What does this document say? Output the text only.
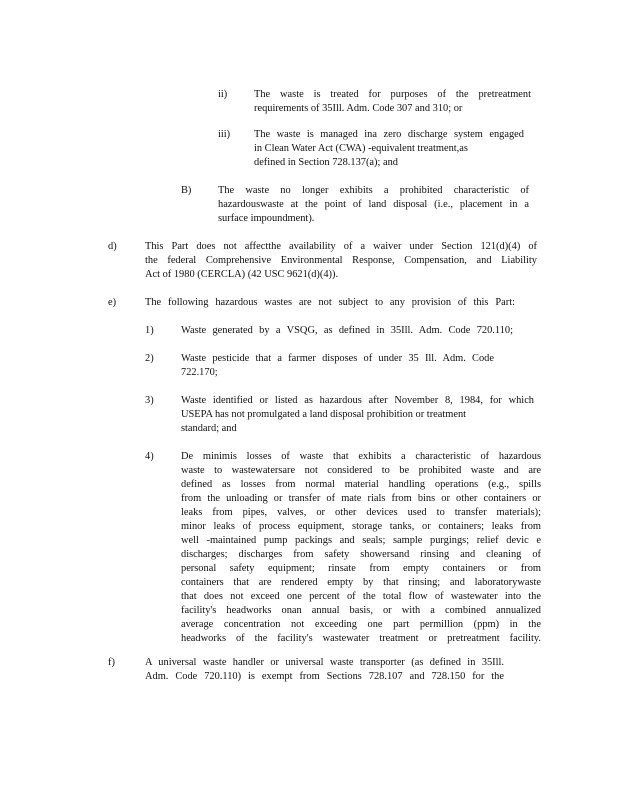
ii)	The waste is treated for purposes of the pretreatment
requirements of 35Ill. Adm. Code 307 and 310; or
iii) The waste is managed ina zero discharge system engaged
in Clean Water Act (CWA) -equivalent treatment,as
defined in Section 728.137(a); and
B)	The waste no longer exhibits a prohibited characteristic of
hazardouswaste at the point of land disposal (i.e., placement in a
surface impoundment).
d)	This Part does not affectthe availability of a waiver under Section 121(d)(4) of
the federal Comprehensive Environmental Response, Compensation, and Liability
Act of 1980 (CERCLA) (42 USC 9621(d)(4)).
e)	The following hazardous wastes are not subject to any provision of this Part:
1)	Waste generated by a VSQG, as defined in 35Ill. Adm. Code 720.110;
2)	Waste pesticide that a farmer disposes of under 35 Ill. Adm. Code
722.170;
3)	Waste identified or listed as hazardous after November 8, 1984, for which
USEPA has not promulgated a land disposal prohibition or treatment
standard; and
4)	De minimis losses of waste that exhibits a characteristic of hazardous
waste to wastewatersare not considered to be prohibited waste and are
defined as losses from normal material handling operations (e.g., spills
from the unloading or transfer of mate rials from bins or other containers or
leaks from pipes, valves, or other devices used to transfer materials);
minor leaks of process equipment, storage tanks, or containers; leaks from
well -maintained pump packings and seals; sample purgings; relief devic e
discharges; discharges from safety showersand rinsing and cleaning of
personal safety equipment; rinsate from empty containers or from
containers that are rendered empty by that rinsing; and laboratorywaste
that does not exceed one percent of the total flow of wastewater into the
facility's headworks onan annual basis, or with a combined annualized
average concentration not exceeding one part permillion (ppm) in the
headworks of the facility's wastewater treatment or pretreatment facility.
f)	A universal waste handler or universal waste transporter (as defined in 35Ill.
Adm. Code 720.110) is exempt from Sections 728.107 and 728.150 for the
